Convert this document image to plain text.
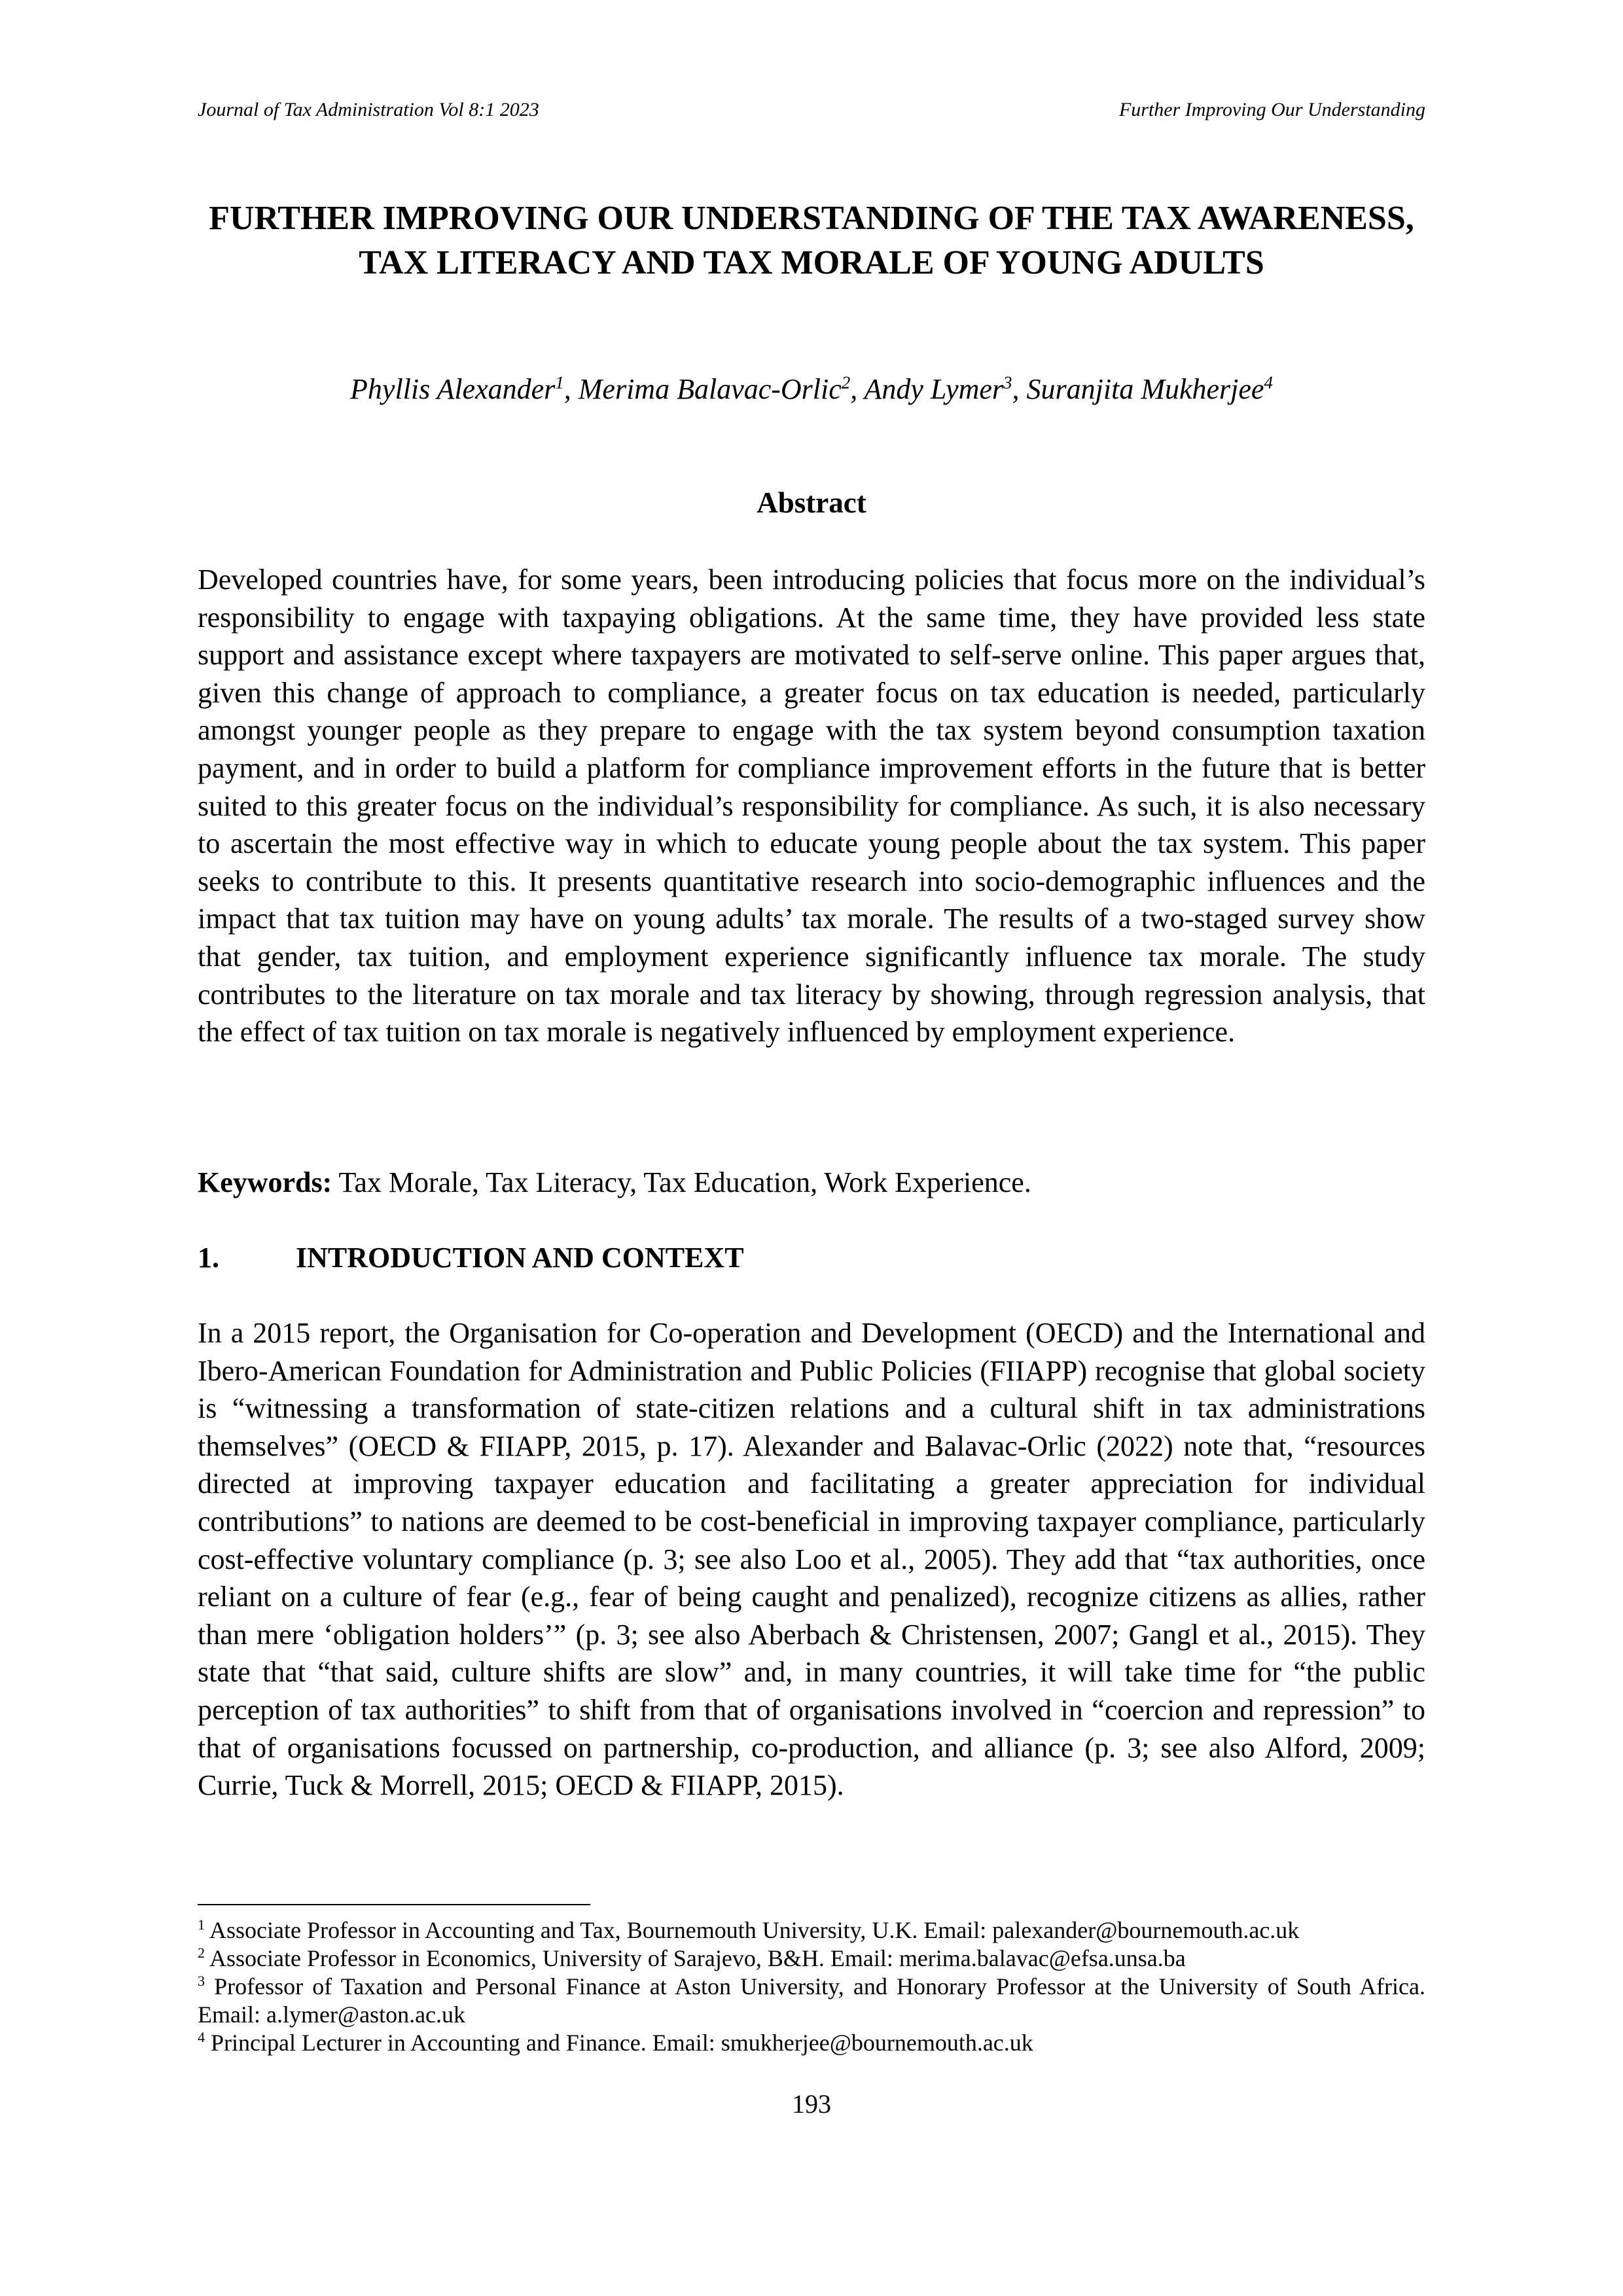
Journal of Tax Administration Vol 8:1 2023	Further Improving Our Understanding
FURTHER IMPROVING OUR UNDERSTANDING OF THE TAX AWARENESS, TAX LITERACY AND TAX MORALE OF YOUNG ADULTS
Phyllis Alexander$^1$, Merima Balavac-Orlic$^2$, Andy Lymer$^3$, Suranjita Mukherjee$^4$
Abstract
Developed countries have, for some years, been introducing policies that focus more on the individual’s responsibility to engage with taxpaying obligations. At the same time, they have provided less state support and assistance except where taxpayers are motivated to self-serve online. This paper argues that, given this change of approach to compliance, a greater focus on tax education is needed, particularly amongst younger people as they prepare to engage with the tax system beyond consumption taxation payment, and in order to build a platform for compliance improvement efforts in the future that is better suited to this greater focus on the individual’s responsibility for compliance. As such, it is also necessary to ascertain the most effective way in which to educate young people about the tax system. This paper seeks to contribute to this. It presents quantitative research into socio-demographic influences and the impact that tax tuition may have on young adults’ tax morale. The results of a two-staged survey show that gender, tax tuition, and employment experience significantly influence tax morale. The study contributes to the literature on tax morale and tax literacy by showing, through regression analysis, that the effect of tax tuition on tax morale is negatively influenced by employment experience.
Keywords: Tax Morale, Tax Literacy, Tax Education, Work Experience.
1.	INTRODUCTION AND CONTEXT
In a 2015 report, the Organisation for Co-operation and Development (OECD) and the International and Ibero-American Foundation for Administration and Public Policies (FIIAPP) recognise that global society is “witnessing a transformation of state-citizen relations and a cultural shift in tax administrations themselves” (OECD & FIIAPP, 2015, p. 17). Alexander and Balavac-Orlic (2022) note that, “resources directed at improving taxpayer education and facilitating a greater appreciation for individual contributions” to nations are deemed to be cost-beneficial in improving taxpayer compliance, particularly cost-effective voluntary compliance (p. 3; see also Loo et al., 2005). They add that “tax authorities, once reliant on a culture of fear (e.g., fear of being caught and penalized), recognize citizens as allies, rather than mere ‘obligation holders’” (p. 3; see also Aberbach & Christensen, 2007; Gangl et al., 2015). They state that “that said, culture shifts are slow” and, in many countries, it will take time for “the public perception of tax authorities” to shift from that of organisations involved in “coercion and repression” to that of organisations focussed on partnership, co-production, and alliance (p. 3; see also Alford, 2009; Currie, Tuck & Morrell, 2015; OECD & FIIAPP, 2015).
$^1$ Associate Professor in Accounting and Tax, Bournemouth University, U.K. Email: palexander@bournemouth.ac.uk
$^2$ Associate Professor in Economics, University of Sarajevo, B&H. Email: merima.balavac@efsa.unsa.ba
$^3$ Professor of Taxation and Personal Finance at Aston University, and Honorary Professor at the University of South Africa. Email: a.lymer@aston.ac.uk
$^4$ Principal Lecturer in Accounting and Finance. Email: smukherjee@bournemouth.ac.uk
193
